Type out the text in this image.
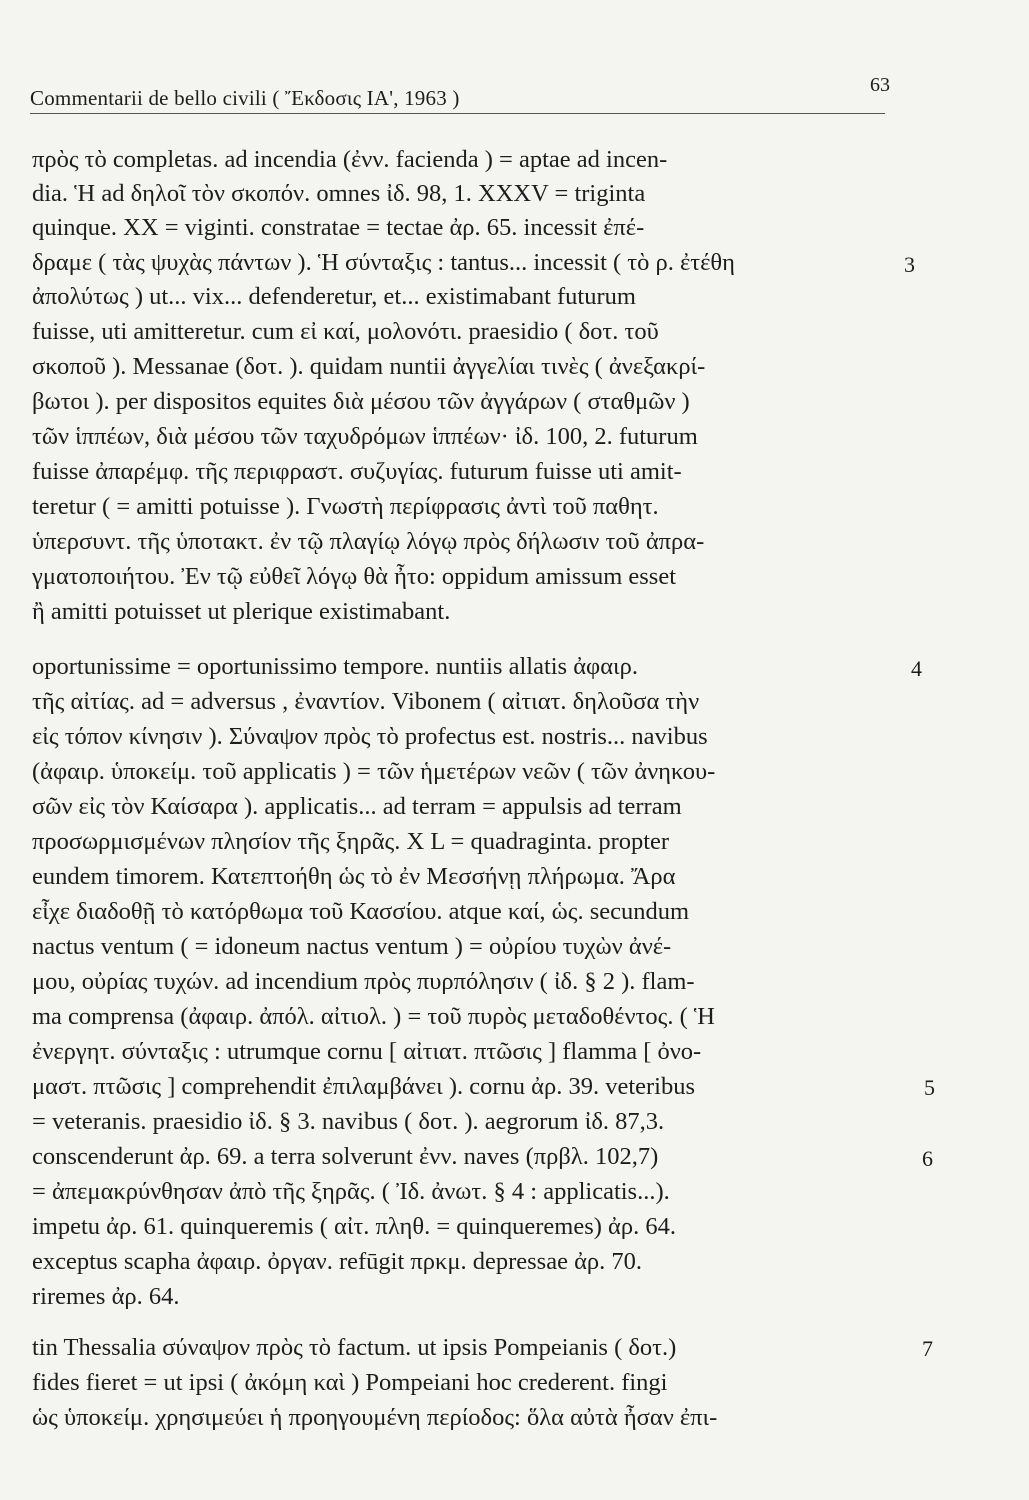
Commentarii de bello civili ( Ἔκδοσις ΙΑ', 1963 )
63
πρὸς τὸ completas. ad incendia (ἐνν. facienda ) = aptae ad incen-
dia. Ἡ ad δηλοῖ τὸν σκοπόν. omnes ἰδ. 98, 1. XXXV = triginta
quinque. XX = viginti. constratae = tectae ἀρ. 65. incessit ἐπέ-
δραμε ( τὰς ψυχὰς πάντων ). Ἡ σύνταξις : tantus... incessit ( τὸ ρ. ἐτέθη
ἀπολύτως ) ut... vix... defenderetur, et... existimabant futurum
fuisse, uti amitteretur. cum εἰ καί, μολονότι. praesidio ( δοτ. τοῦ
σκοποῦ ). Messanae (δοτ. ). quidam nuntii ἀγγελίαι τινὲς ( ἀνεξακρί-
βωτοι ). per dispositos equites διὰ μέσου τῶν ἀγγάρων ( σταθμῶν )
τῶν ἱππέων, διὰ μέσου τῶν ταχυδρόμων ἱππέων· ἰδ. 100, 2. futurum
fuisse ἀπαρέμφ. τῆς περιφραστ. συζυγίας. futurum fuisse uti amit-
teretur ( = amitti potuisse ). Γνωστὴ περίφρασις ἀντὶ τοῦ παθητ.
ὑπερσυντ. τῆς ὑποτακτ. ἐν τῷ πλαγίῳ λόγῳ πρὸς δήλωσιν τοῦ ἀπρα-
γματοποιήτου. Ἐν τῷ εὐθεῖ λόγῳ θὰ ἦτο: oppidum amissum esset
ἢ amitti potuisset ut plerique existimabant.
oportunissime = oportunissimo tempore. nuntiis allatis ἀφαιρ.
τῆς αἰτίας. ad = adversus , ἐναντίον. Vibonem ( αἰτιατ. δηλοῦσα τὴν
εἰς τόπον κίνησιν ). Σύναψον πρὸς τὸ profectus est. nostris... navibus
(ἀφαιρ. ὑποκείμ. τοῦ applicatis ) = τῶν ἡμετέρων νεῶν ( τῶν ἀνηκου-
σῶν εἰς τὸν Καίσαρα ). applicatis... ad terram = appulsis ad terram
προσωρμισμένων πλησίον τῆς ξηρᾶς. X L = quadraginta. propter
eundem timorem. Κατεπτοήθη ὡς τὸ ἐν Μεσσήνῃ πλήρωμα. Ἄρα
εἶχε διαδοθῇ τὸ κατόρθωμα τοῦ Κασσίου. atque καί, ὡς. secundum
nactus ventum ( = idoneum nactus ventum ) = οὐρίου τυχὼν ἀνέ-
μου, οὐρίας τυχών. ad incendium πρὸς πυρπόλησιν ( ἰδ. § 2 ). flam-
ma comprensa (ἀφαιρ. ἀπόλ. αἰτιολ. ) = τοῦ πυρὸς μεταδοθέντος. ( Ἡ
ἐνεργητ. σύνταξις : utrumque cornu [ αἰτιατ. πτῶσις ] flamma [ ὀνο-
μαστ. πτῶσις ] comprehendit ἐπιλαμβάνει ). cornu ἀρ. 39. veteribus
= veteranis. praesidio ἰδ. § 3. navibus ( δοτ. ). aegrorum ἰδ. 87,3.
conscenderunt ἀρ. 69. a terra solverunt ἐνν. naves (πρβλ. 102,7)
= ἀπεμακρύνθησαν ἀπὸ τῆς ξηρᾶς. ( Ἰδ. ἀνωτ. § 4 : applicatis...).
impetu ἀρ. 61. quinqueremis ( αἰτ. πληθ. = quinqueremes) ἀρ. 64.
exceptus scapha ἀφαιρ. ὀργαν. refūgit πρκμ. depressae ἀρ. 70.
riremes ἀρ. 64.
tin Thessalia σύναψον πρὸς τὸ factum. ut ipsis Pompeianis ( δοτ.)
fides fieret = ut ipsi ( ἀκόμη καὶ ) Pompeiani hoc crederent. fingi
ὡς ὑποκείμ. χρησιμεύει ἡ προηγουμένη περίοδος: ὅλα αὐτὰ ἦσαν ἐπι-
3
4
5
6
7
